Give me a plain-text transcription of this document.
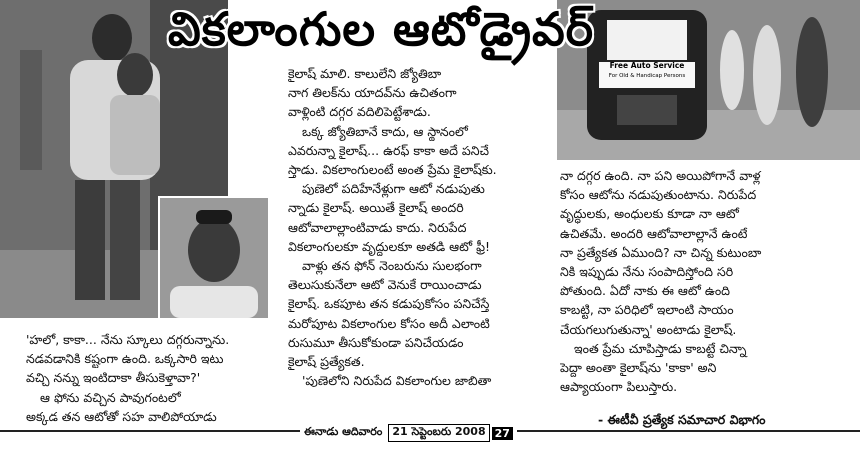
Free Auto Service
For Old & Handicap Persons
వికలాంగుల ఆటోడ్రైవర్
'హలో, కాకా... నేను స్కూలు దగ్గరున్నాను.
నడవడానికి కష్టంగా ఉంది. ఒక్కసారి ఇటు
వచ్చి నన్ను ఇంటిదాకా తీసుకెళ్తావా?'
ఆ ఫోను వచ్చిన పావుగంటలో
అక్కడ తన ఆటోతో సహ వాలిపోయాడు
కైలాష్ మాలి. కాలులేని జ్యోతిబా
నాగ తిలక్‌ను యాదవ్‌ను ఉచితంగా
వాళ్లింటి దగ్గర వదిలిపెట్టేశాడు.
ఒక్క జ్యోతిబానే కాదు, ఆ స్థానంలో
ఎవరున్నా కైలాష్... ఉరఫ్ కాకా అదే పనిచే
స్తాడు. వికలాంగులంటే అంత ప్రేమ కైలాష్‌కు.
పుణెలో పదిహేనేళ్లుగా ఆటో నడుపుతు
న్నాడు కైలాష్. అయితే కైలాష్ అందరి
ఆటోవాలాల్లాంటివాడు కాదు. నిరుపేద
వికలాంగులకూ వృద్ధులకూ అతడి ఆటో ఫ్రీ!
వాళ్లు తన ఫోన్ నెంబరును సులభంగా
తెలుసుకునేలా ఆటో వెనుకే రాయించాడు
కైలాష్. ఒకపూట తన కడుపుకోసం పనిచేస్తే
మరోపూట వికలాంగుల కోసం అదీ ఎలాంటి
రుసుమూ తీసుకోకుండా పనిచేయడం
కైలాష్ ప్రత్యేకత.
'పుణెలోని నిరుపేద వికలాంగుల జాబితా
నా దగ్గర ఉంది. నా పని అయిపోగానే వాళ్ల
కోసం ఆటోను నడుపుతుంటాను. నిరుపేద
వృద్ధులకు, అంధులకు కూడా నా ఆటో
ఉచితమే. అందరి ఆటోవాలాల్లానే ఉంటే
నా ప్రత్యేకత ఏముంది? నా చిన్న కుటుంబా
నికి ఇప్పుడు నేను సంపాదిస్తోంది సరి
పోతుంది. ఏదో నాకు ఈ ఆటో ఉంది
కాబట్టి, నా పరిధిలో ఇలాంటి సాయం
చేయగలుగుతున్నా' అంటాడు కైలాష్.
ఇంత ప్రేమ చూపిస్తాడు కాబట్టే చిన్నా
పెద్దా అంతా కైలాష్‌ను 'కాకా' అని
ఆప్యాయంగా పిలుస్తారు.
- ఈటీవీ ప్రత్యేక సమాచార విభాగం
ఈనాడు ఆదివారం 21 సెప్టెంబరు 2008 27
